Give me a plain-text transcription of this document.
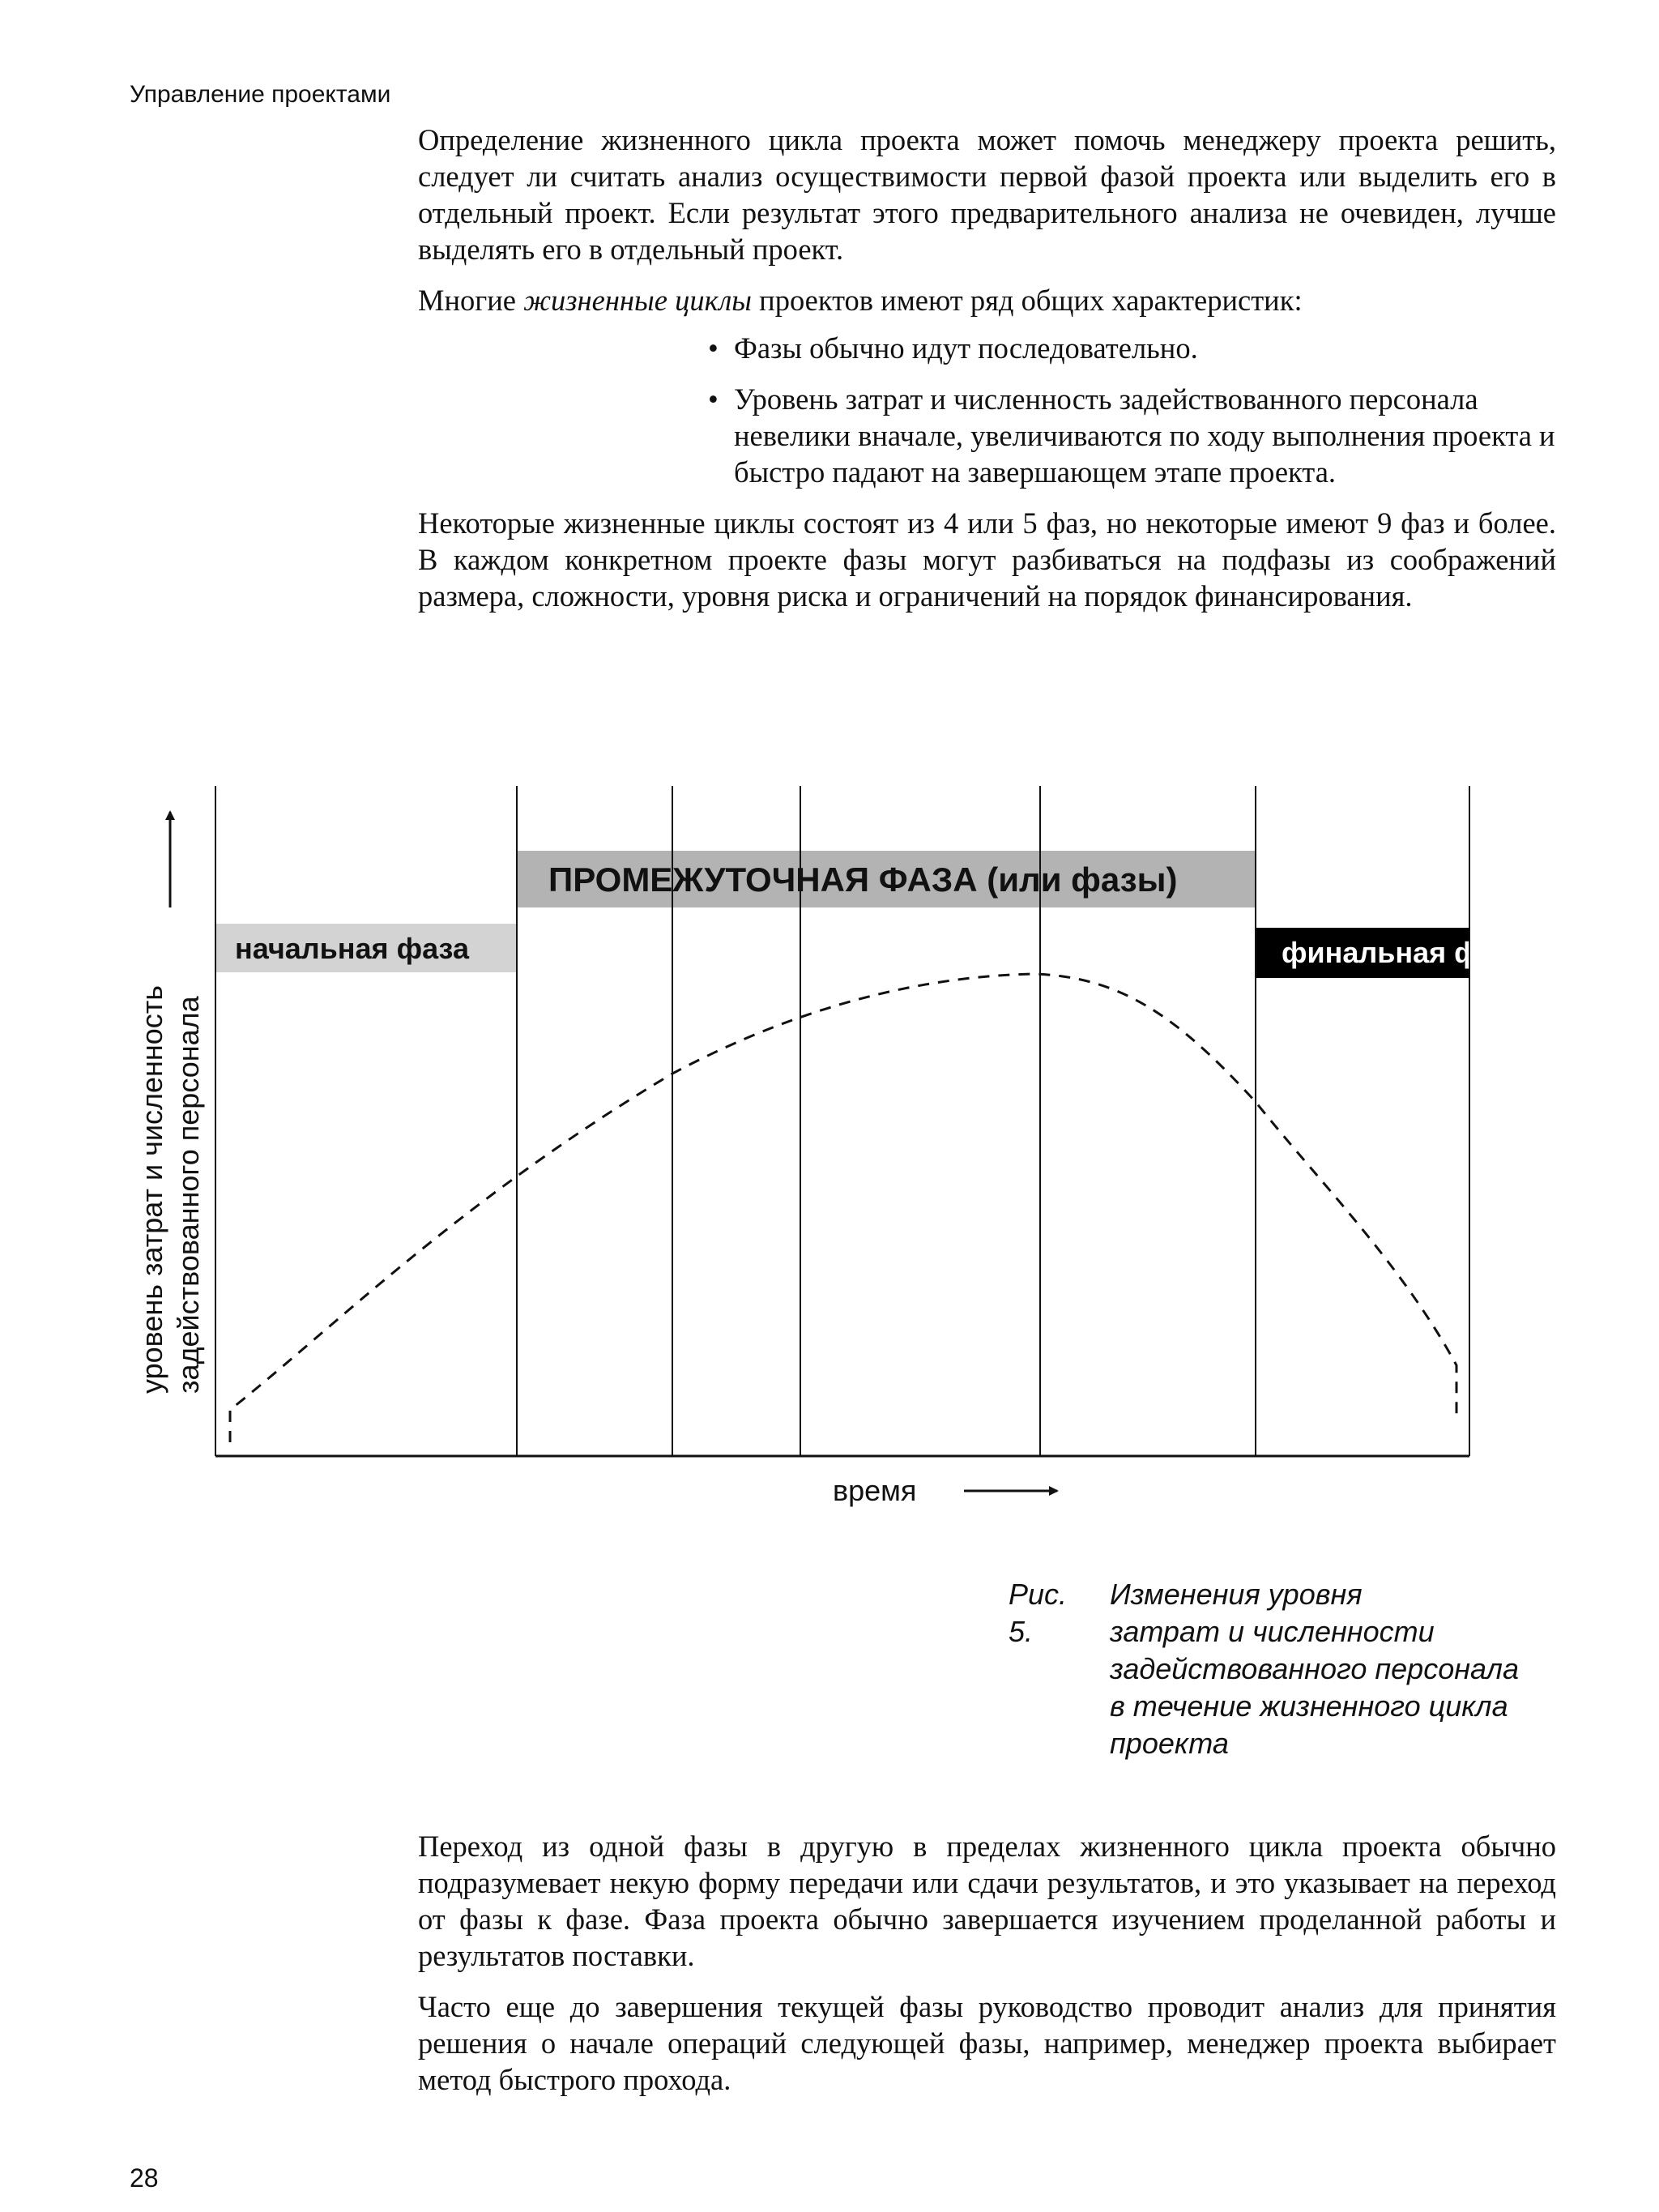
Управление проектами

Определение жизненного цикла проекта может помочь менеджеру проекта решить, следует ли считать анализ осуществимости первой фазой проекта или выделить его в отдельный проект. Если результат этого предварительного анализа не очевиден, лучше выделять его в отдельный проект.

Многие жизненные циклы проектов имеют ряд общих характеристик:

• Фазы обычно идут последовательно.
• Уровень затрат и численность задействованного персонала невелики вначале, увеличиваются по ходу выполнения проекта и быстро падают на завершающем этапе проекта.

Некоторые жизненные циклы состоят из 4 или 5 фаз, но некоторые имеют 9 фаз и более. В каждом конкретном проекте фазы могут разбиваться на подфазы из соображений размера, сложности, уровня риска и ограничений на порядок финансирования.

начальная фаза
ПРОМЕЖУТОЧНАЯ ФАЗА (или фазы)
финальная фаза
уровень затрат и численность задействованного персонала
время
Рис. 5.
Изменения уровня
затрат и численности
задействованного персонала
в течение жизненного цикла
проекта

Переход из одной фазы в другую в пределах жизненного цикла проекта обычно подразумевает некую форму передачи или сдачи результатов, и это указывает на переход от фазы к фазе. Фаза проекта обычно завершается изучением проделанной работы и результатов поставки.

Часто еще до завершения текущей фазы руководство проводит анализ для принятия решения о начале операций следующей фазы, например, менеджер проекта выбирает метод быстрого прохода.

28
